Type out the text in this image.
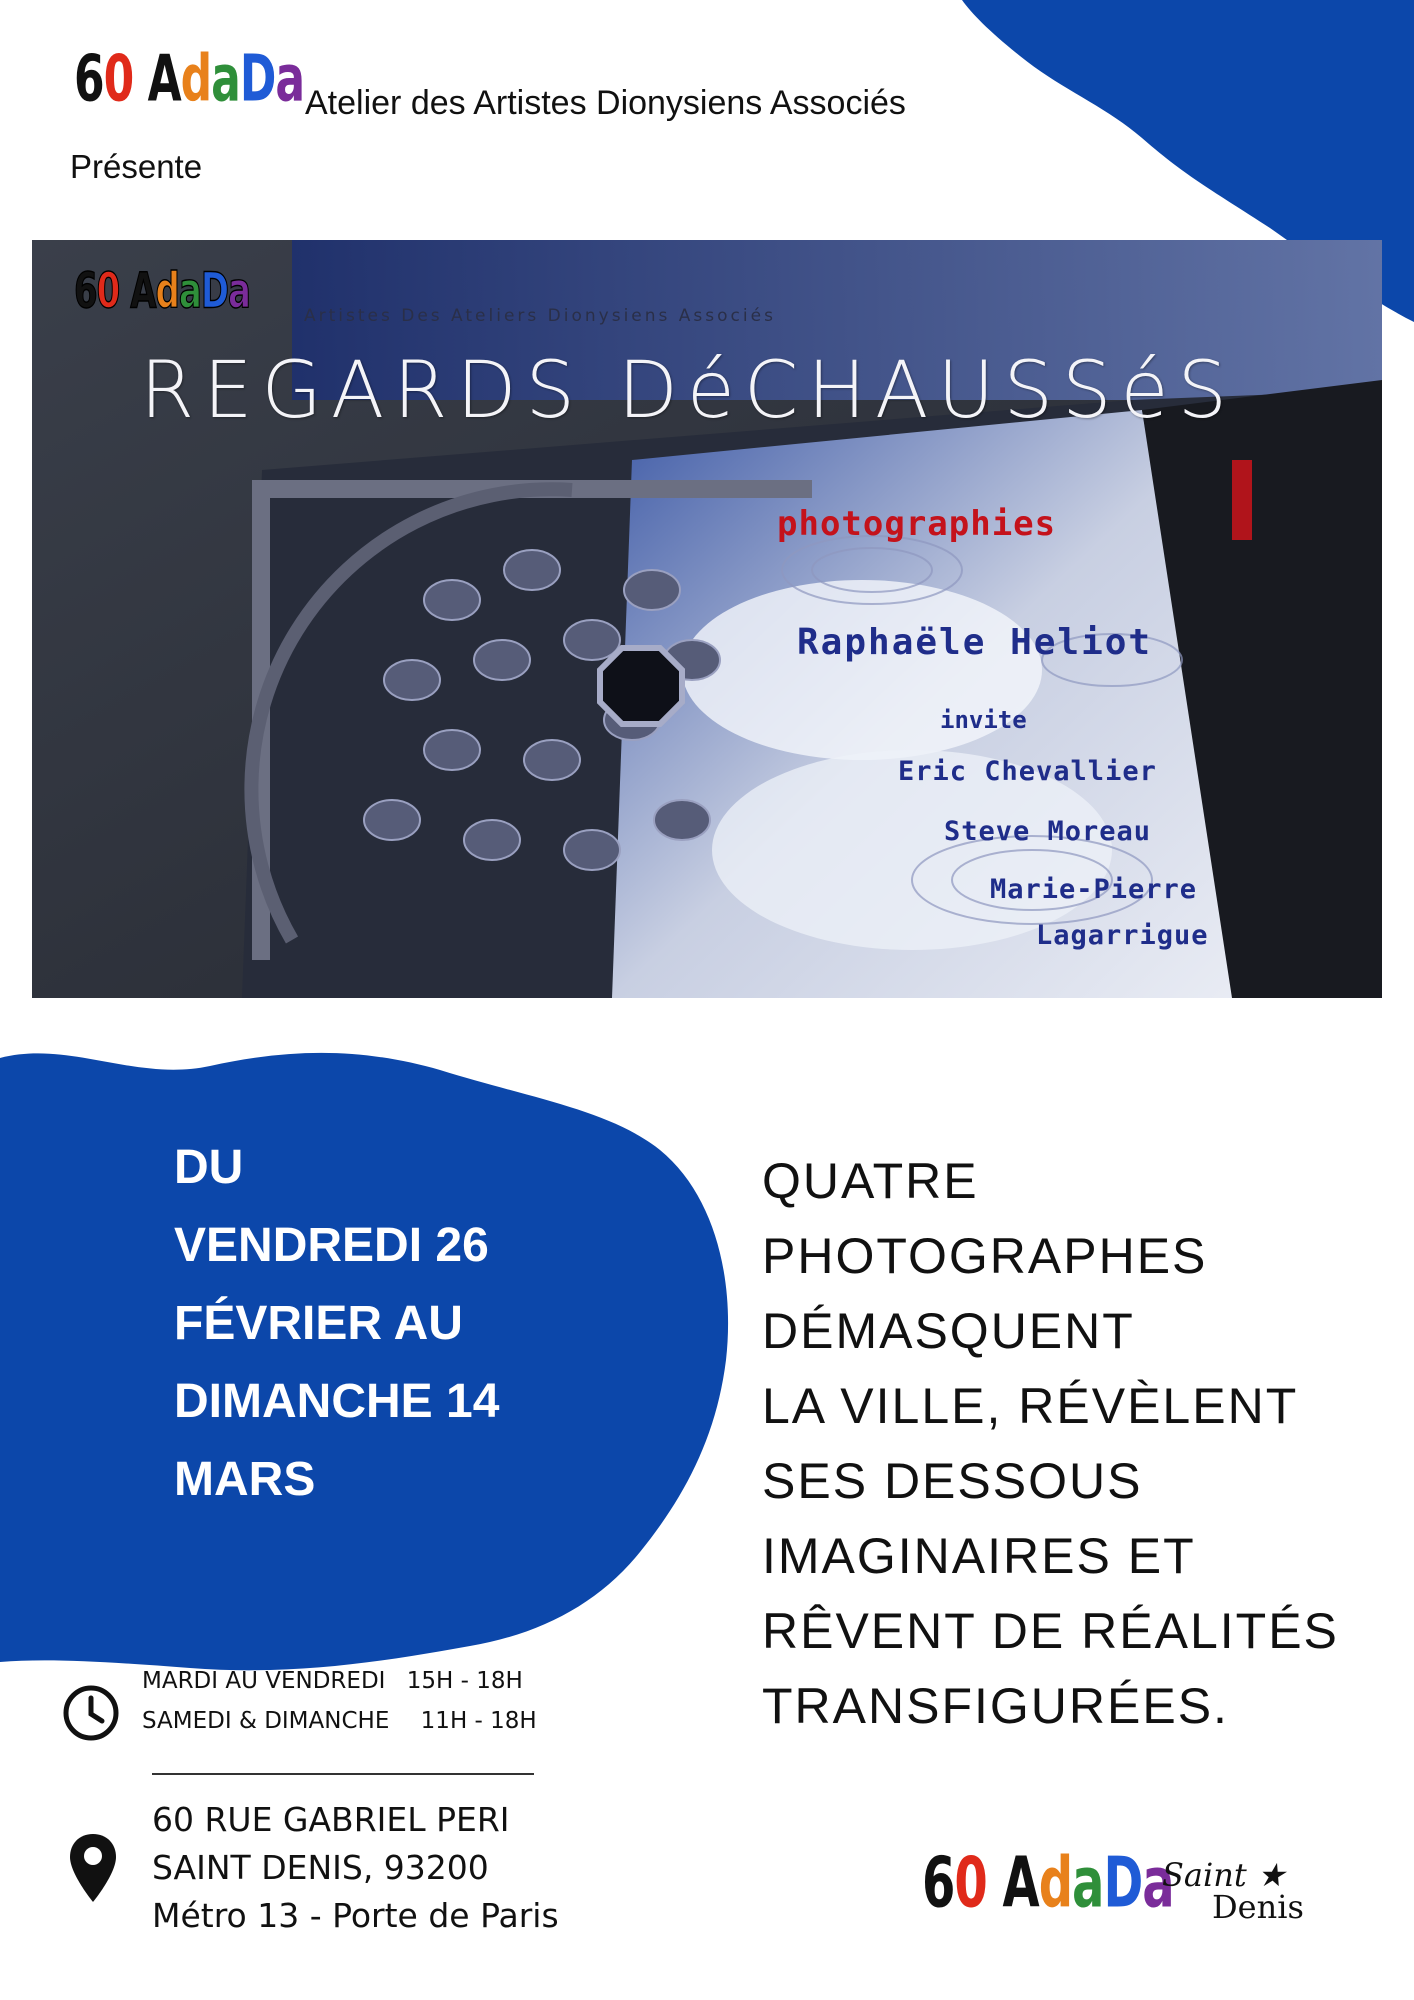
60 AdaDa Atelier des Artistes Dionysiens Associés
Présente
60 AdaDa	Artistes Des Ateliers Dionysiens Associés
REGARDS DéCHAUSSéS
photographies
Raphaële Heliot
invite
Eric Chevallier
Steve Moreau
Marie-Pierre
Lagarrigue
DU
VENDREDI 26
FÉVRIER AU
DIMANCHE 14
MARS
QUATRE
PHOTOGRAPHES
DÉMASQUENT
LA VILLE, RÉVÈLENT
SES DESSOUS
IMAGINAIRES ET
RÊVENT DE RÉALITÉS
TRANSFIGURÉES.
MARDI AU VENDREDI 15H - 18H
SAMEDI & DIMANCHE 11H - 18H
60 RUE GABRIEL PERI
SAINT DENIS, 93200
Métro 13 - Porte de Paris	60 AdaDa
Saint ★
Denis
